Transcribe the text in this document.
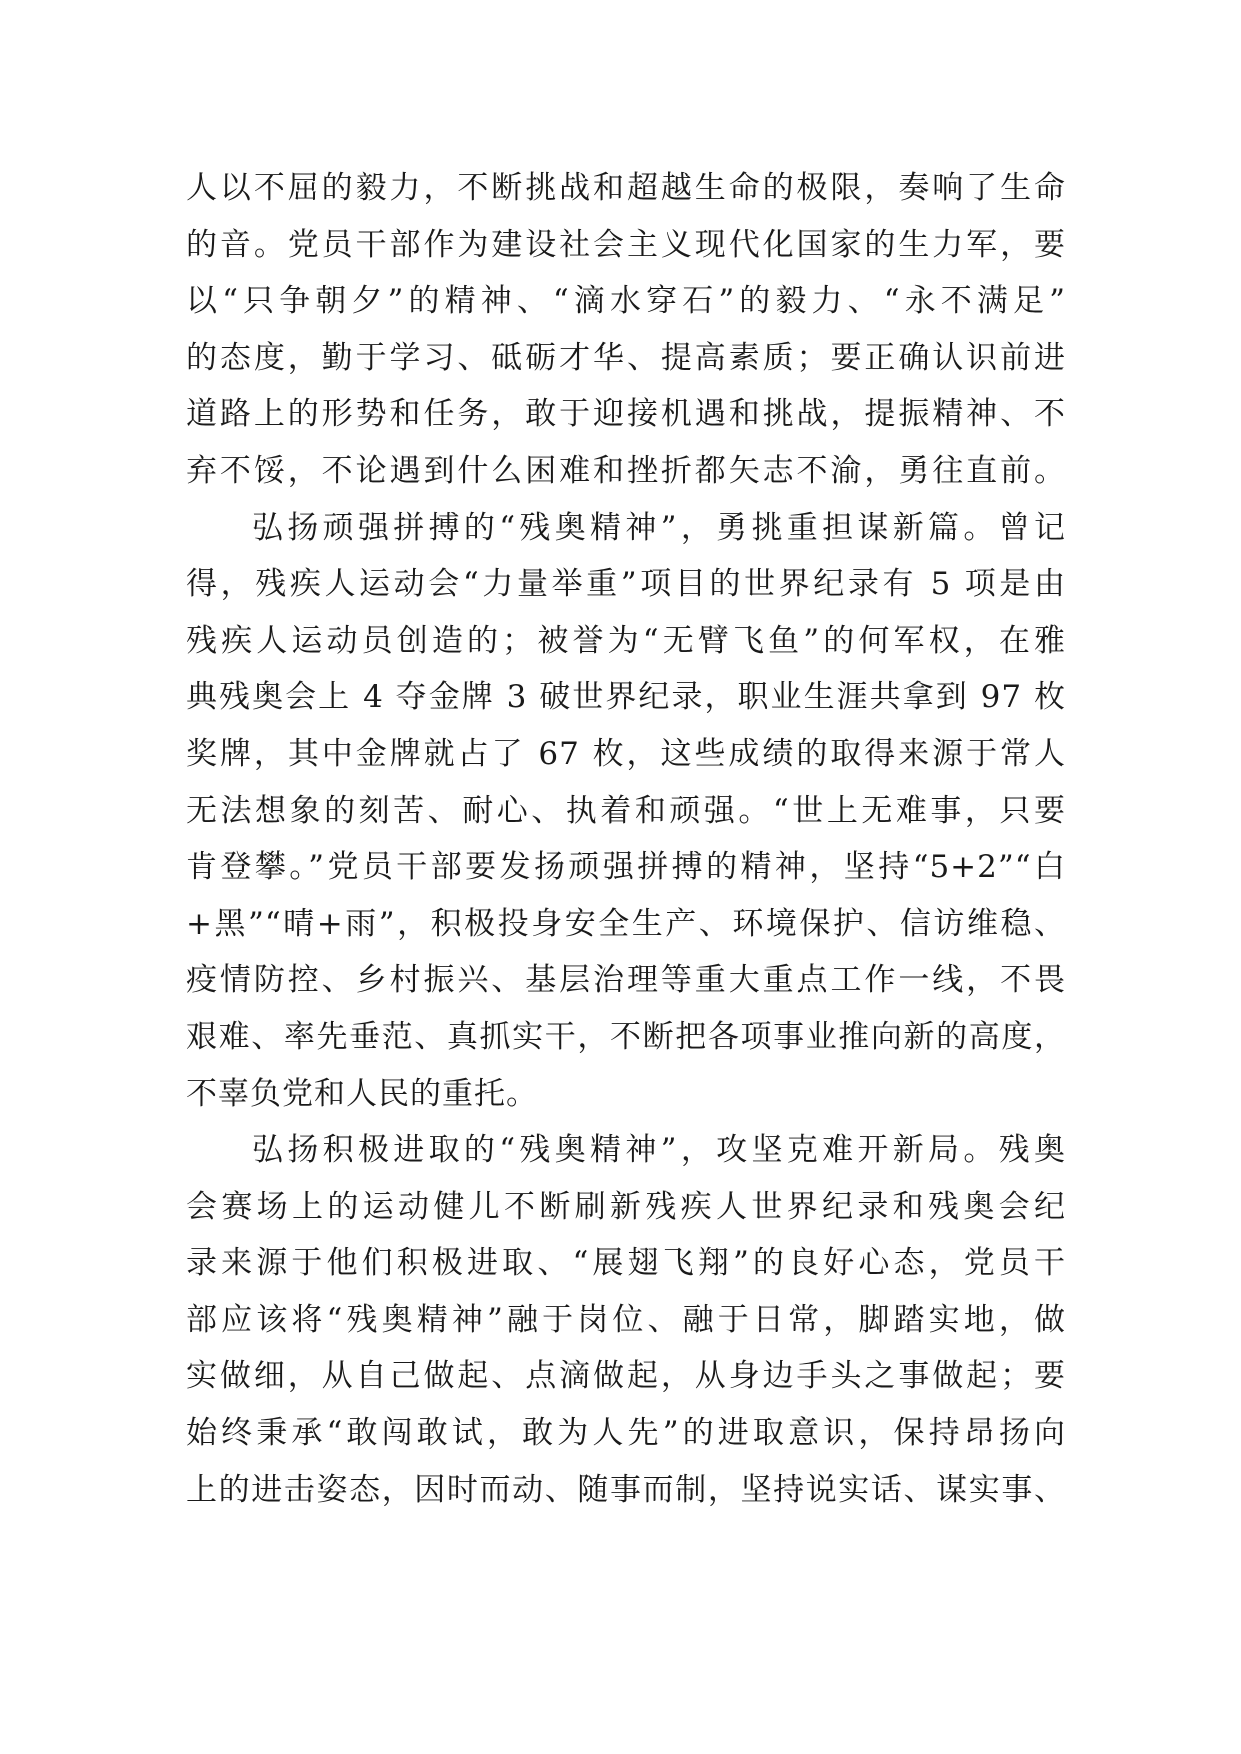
人以不屈的毅力，不断挑战和超越生命的极限，奏响了生命
的音。党员干部作为建设社会主义现代化国家的生力军，要
以“只争朝夕”的精神、“滴水穿石”的毅力、“永不满足”
的态度，勤于学习、砥砺才华、提高素质；要正确认识前进
道路上的形势和任务，敢于迎接机遇和挑战，提振精神、不
弃不馁，不论遇到什么困难和挫折都矢志不渝，勇往直前。
弘扬顽强拼搏的“残奥精神”，勇挑重担谋新篇。曾记
得，残疾人运动会“力量举重”项目的世界纪录有 5 项是由
残疾人运动员创造的；被誉为“无臂飞鱼”的何军权，在雅
典残奥会上 4 夺金牌 3 破世界纪录，职业生涯共拿到 97 枚
奖牌，其中金牌就占了 67 枚，这些成绩的取得来源于常人
无法想象的刻苦、耐心、执着和顽强。“世上无难事，只要
肯登攀。”党员干部要发扬顽强拼搏的精神，坚持“5+2”“白
+黑”“晴+雨”，积极投身安全生产、环境保护、信访维稳、
疫情防控、乡村振兴、基层治理等重大重点工作一线，不畏
艰难、率先垂范、真抓实干，不断把各项事业推向新的高度，
不辜负党和人民的重托。
弘扬积极进取的“残奥精神”，攻坚克难开新局。残奥
会赛场上的运动健儿不断刷新残疾人世界纪录和残奥会纪
录来源于他们积极进取、“展翅飞翔”的良好心态，党员干
部应该将“残奥精神”融于岗位、融于日常，脚踏实地，做
实做细，从自己做起、点滴做起，从身边手头之事做起；要
始终秉承“敢闯敢试，敢为人先”的进取意识，保持昂扬向
上的进击姿态，因时而动、随事而制，坚持说实话、谋实事、
